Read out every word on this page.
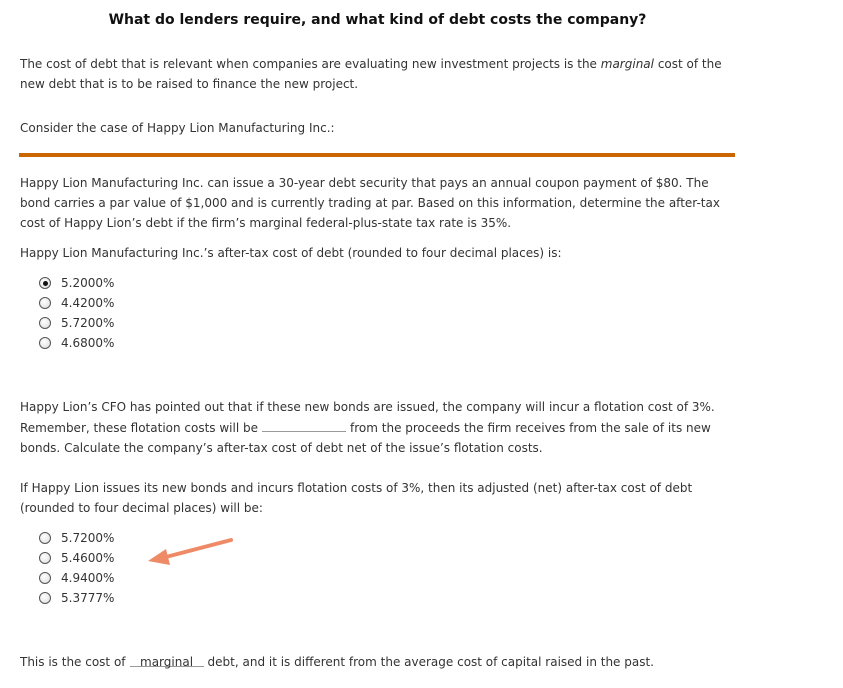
What do lenders require, and what kind of debt costs the company?
The cost of debt that is relevant when companies are evaluating new investment projects is the marginal cost of the new debt that is to be raised to finance the new project.
Consider the case of Happy Lion Manufacturing Inc.:
Happy Lion Manufacturing Inc. can issue a 30-year debt security that pays an annual coupon payment of $80. The bond carries a par value of $1,000 and is currently trading at par. Based on this information, determine the after-tax cost of Happy Lion’s debt if the firm’s marginal federal-plus-state tax rate is 35%.
Happy Lion Manufacturing Inc.’s after-tax cost of debt (rounded to four decimal places) is:
5.2000%
4.4200%
5.7200%
4.6800%
Happy Lion’s CFO has pointed out that if these new bonds are issued, the company will incur a flotation cost of 3%. Remember, these flotation costs will be	from the proceeds the firm receives from the sale of its new bonds. Calculate the company’s after-tax cost of debt net of the issue’s flotation costs.
If Happy Lion issues its new bonds and incurs flotation costs of 3%, then its adjusted (net) after-tax cost of debt (rounded to four decimal places) will be:
5.7200%
5.4600%
4.9400%
5.3777%
This is the cost of marginal debt, and it is different from the average cost of capital raised in the past.
